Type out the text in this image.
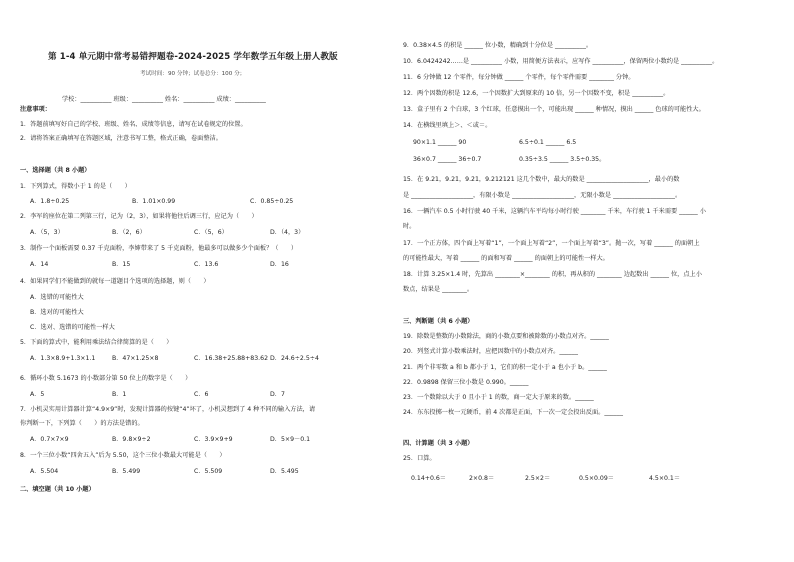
第 1-4 单元期中常考易错押题卷-2024-2025 学年数学五年级上册人教版
考试时间：90 分钟；试卷总分：100 分；
学校：__________ 班级：__________ 姓名：__________ 成绩：__________
注意事项：
1．答题前填写好自己的学校、班级、姓名、成绩等信息，请写在试卷规定的位置。
2．请将答案正确填写在答题区域，注意书写工整，格式正确，卷面整洁。
一、选择题（共 8 小题）
1．下列算式，得数小于 1 的是（　　）
A．1.8÷0.25	B．1.01×0.99	C．0.85÷0.25
2．李军的座位在第二列第三行，记为（2，3），如果将他往后调三行，应记为（　　）
A．（5，3）	B．（2，6）	C．（5，6）	D．（4，3）
3．制作一个面板需要 0.37 千克面粉，李婶带来了 5 千克面粉，他最多可以做多少个面板？（　　）
A．14	B．15	C．13.6	D．16
4．如果同学们不能做到的就每一道题目个选项的选择题，则（　　）
A．选错的可能性大
B．选对的可能性大
C．选对、选错的可能性一样大
5．下面的算式中，能利用乘法结合律简算的是（　　）
A．1.3×8.9+1.3×1.1	B．47×1.25×8	C．16.38+25.88+83.62 D．24.6÷2.5÷4
6．循环小数 5.1673̇ 的小数部分第 50 位上的数字是（　　）
A．5	B．1	C．6	D．7
7．小机灵实用计算器计算“4.9×9”时，发现计算器的按键“4”坏了，小机灵想到了 4 种不同的输入方法，请
你判断一下，下列算（　　）的方法是错的。
A．0.7×7×9	B．9.8×9÷2	C．3.9×9+9	D．5×9－0.1
8．一个三位小数“四舍五入”后为 5.50，这个三位小数最大可能是（　　）
A．5.504	B．5.499	C．5.509	D．5.495
二、填空题（共 10 小题）
9．0.38×4.5 的积是 ______ 位小数，精确到十分位是 __________。
10．6.0424242……是 __________ 小数，用简便方法表示，应写作 __________，保留两位小数约是 __________。
11．6 分钟做 12 个零件，每分钟做 ______ 个零件，每个零件需要 ________ 分钟。
12．两个因数的积是 12.6，一个因数扩大到原来的 10 倍，另一个因数不变，积是 __________。
13．盒子里有 2 个白球，3 个红球，任意摸出一个，可能出现 ______ 种情况，摸出 ______ 色球的可能性大。
14．在横线里填上＞、＜或＝。
90×1.1 ______ 90	6.5÷0.1 ______ 6.5
36×0.7 ______ 36÷0.7	0.35÷3.5 ______ 3.5÷0.35。
15．在 9.21，9.21̇，9.2̇1̇，9.212121 这几个数中，最大的数是 ____________________，最小的数
是 ____________________，有限小数是 ____________________，无限小数是 ____________________。
16．一辆汽车 0.5 小时行驶 40 千米，这辆汽车平均每小时行驶 ________ 千米，车行驶 1 千米需要 ______ 小
时。
17．一个正方体，四个面上写着“1”，一个面上写着“2”，一个面上写着“3”。抛一次，写着 ______ 的面朝上
的可能性最大，写着 ______ 的面和写着 ______ 的面朝上的可能性一样大。
18．计算 3.25×1.4 时，先算出 ________×________ 的积，再从积的 ________ 边起数出 ______ 位，点上小
数点，结果是 ________。
三、判断题（共 6 小题）
19．除数是整数的小数除法，商的小数点要和被除数的小数点对齐。______
20．列竖式计算小数乘法时，应把因数中的小数点对齐。______
21．两个非零数 a 和 b 都小于 1，它们的积一定小于 a 也小于 b。______
22．0.9898 保留三位小数是 0.990。______
23．一个数除以大于 0 且小于 1 的数，商一定大于原来的数。______
24．东东投掷一枚一元硬币，前 4 次都是正面，下一次一定会投出反面。______
四、计算题（共 3 小题）
25．口算。
0.14+0.6＝	2×0.8＝	2.5×2＝	0.5×0.09＝	4.5×0.1＝
